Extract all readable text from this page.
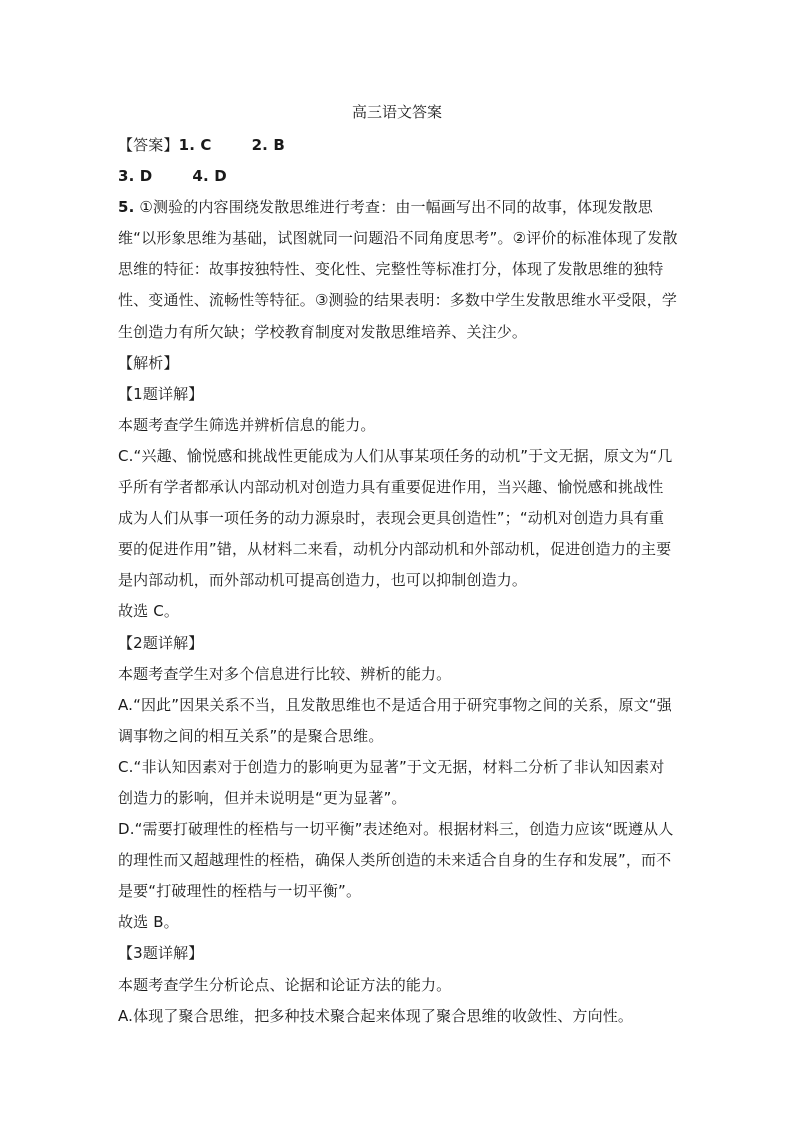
高三语文答案

【答案】1. C	2. B

3. D	4. D

5. ①测验的内容围绕发散思维进行考查：由一幅画写出不同的故事，体现发散思维“以形象思维为基础，试图就同一问题沿不同角度思考”。②评价的标准体现了发散思维的特征：故事按独特性、变化性、完整性等标准打分，体现了发散思维的独特性、变通性、流畅性等特征。③测验的结果表明：多数中学生发散思维水平受限，学生创造力有所欠缺；学校教育制度对发散思维培养、关注少。

【解析】

【1题详解】

本题考查学生筛选并辨析信息的能力。

C.“兴趣、愉悦感和挑战性更能成为人们从事某项任务的动机”于文无据，原文为“几乎所有学者都承认内部动机对创造力具有重要促进作用，当兴趣、愉悦感和挑战性成为人们从事一项任务的动力源泉时，表现会更具创造性”；“动机对创造力具有重要的促进作用”错，从材料二来看，动机分内部动机和外部动机，促进创造力的主要是内部动机，而外部动机可提高创造力，也可以抑制创造力。

故选 C。

【2题详解】

本题考查学生对多个信息进行比较、辨析的能力。

A.“因此”因果关系不当，且发散思维也不是适合用于研究事物之间的关系，原文“强调事物之间的相互关系”的是聚合思维。

C.“非认知因素对于创造力的影响更为显著”于文无据，材料二分析了非认知因素对创造力的影响，但并未说明是“更为显著”。

D.“需要打破理性的桎梏与一切平衡”表述绝对。根据材料三，创造力应该“既遵从人的理性而又超越理性的桎梏，确保人类所创造的未来适合自身的生存和发展”，而不是要“打破理性的桎梏与一切平衡”。

故选 B。

【3题详解】

本题考查学生分析论点、论据和论证方法的能力。

A.体现了聚合思维，把多种技术聚合起来体现了聚合思维的收敛性、方向性。
